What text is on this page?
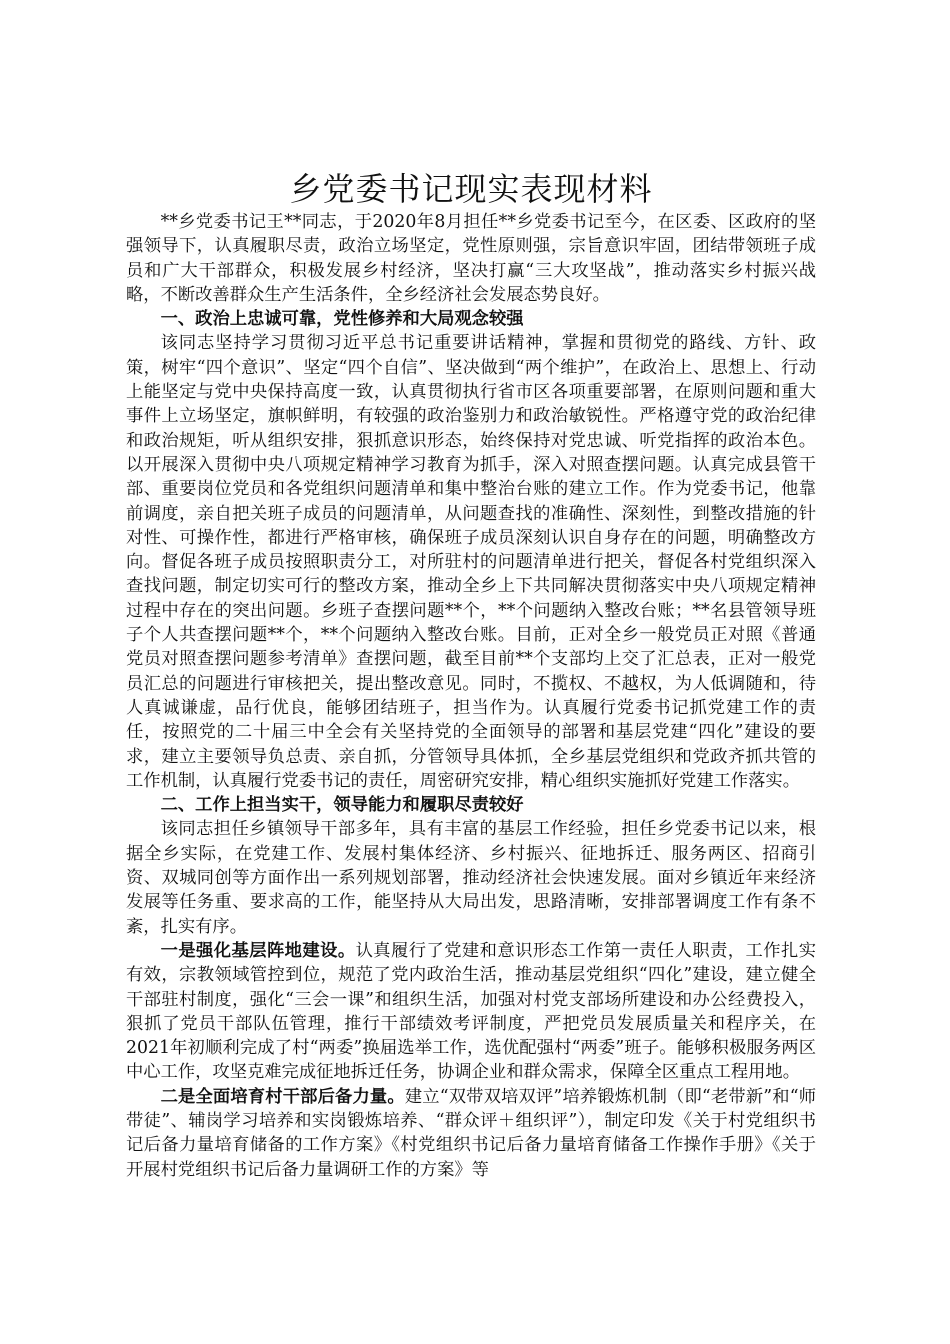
乡党委书记现实表现材料

**乡党委书记王**同志，于2020年8月担任**乡党委书记至今，在区委、区政府的坚强领导下，认真履职尽责，政治立场坚定，党性原则强，宗旨意识牢固，团结带领班子成员和广大干部群众，积极发展乡村经济，坚决打赢“三大攻坚战”，推动落实乡村振兴战略，不断改善群众生产生活条件，全乡经济社会发展态势良好。

一、政治上忠诚可靠，党性修养和大局观念较强

该同志坚持学习贯彻习近平总书记重要讲话精神，掌握和贯彻党的路线、方针、政策，树牢“四个意识”、坚定“四个自信”、坚决做到“两个维护”，在政治上、思想上、行动上能坚定与党中央保持高度一致，认真贯彻执行省市区各项重要部署，在原则问题和重大事件上立场坚定，旗帜鲜明，有较强的政治鉴别力和政治敏锐性。严格遵守党的政治纪律和政治规矩，听从组织安排，狠抓意识形态，始终保持对党忠诚、听党指挥的政治本色。以开展深入贯彻中央八项规定精神学习教育为抓手，深入对照查摆问题。认真完成县管干部、重要岗位党员和各党组织问题清单和集中整治台账的建立工作。作为党委书记，他靠前调度，亲自把关班子成员的问题清单，从问题查找的准确性、深刻性，到整改措施的针对性、可操作性，都进行严格审核，确保班子成员深刻认识自身存在的问题，明确整改方向。督促各班子成员按照职责分工，对所驻村的问题清单进行把关，督促各村党组织深入查找问题，制定切实可行的整改方案，推动全乡上下共同解决贯彻落实中央八项规定精神过程中存在的突出问题。乡班子查摆问题**个，**个问题纳入整改台账；**名县管领导班子个人共查摆问题**个，**个问题纳入整改台账。目前，正对全乡一般党员正对照《普通党员对照查摆问题参考清单》查摆问题，截至目前**个支部均上交了汇总表，正对一般党员汇总的问题进行审核把关，提出整改意见。同时，不揽权、不越权，为人低调随和，待人真诚谦虚，品行优良，能够团结班子，担当作为。认真履行党委书记抓党建工作的责任，按照党的二十届三中全会有关坚持党的全面领导的部署和基层党建“四化”建设的要求，建立主要领导负总责、亲自抓，分管领导具体抓，全乡基层党组织和党政齐抓共管的工作机制，认真履行党委书记的责任，周密研究安排，精心组织实施抓好党建工作落实。

二、工作上担当实干，领导能力和履职尽责较好

该同志担任乡镇领导干部多年，具有丰富的基层工作经验，担任乡党委书记以来，根据全乡实际，在党建工作、发展村集体经济、乡村振兴、征地拆迁、服务两区、招商引资、双城同创等方面作出一系列规划部署，推动经济社会快速发展。面对乡镇近年来经济发展等任务重、要求高的工作，能坚持从大局出发，思路清晰，安排部署调度工作有条不紊，扎实有序。

一是强化基层阵地建设。认真履行了党建和意识形态工作第一责任人职责，工作扎实有效，宗教领域管控到位，规范了党内政治生活，推动基层党组织“四化”建设，建立健全干部驻村制度，强化“三会一课”和组织生活，加强对村党支部场所建设和办公经费投入，狠抓了党员干部队伍管理，推行干部绩效考评制度，严把党员发展质量关和程序关，在2021年初顺利完成了村“两委”换届选举工作，选优配强村“两委”班子。能够积极服务两区中心工作，攻坚克难完成征地拆迁任务，协调企业和群众需求，保障全区重点工程用地。

二是全面培育村干部后备力量。建立“双带双培双评”培养锻炼机制（即“老带新”和“师带徒”、辅岗学习培养和实岗锻炼培养、“群众评＋组织评”），制定印发《关于村党组织书记后备力量培育储备的工作方案》《村党组织书记后备力量培育储备工作操作手册》《关于开展村党组织书记后备力量调研工作的方案》等
